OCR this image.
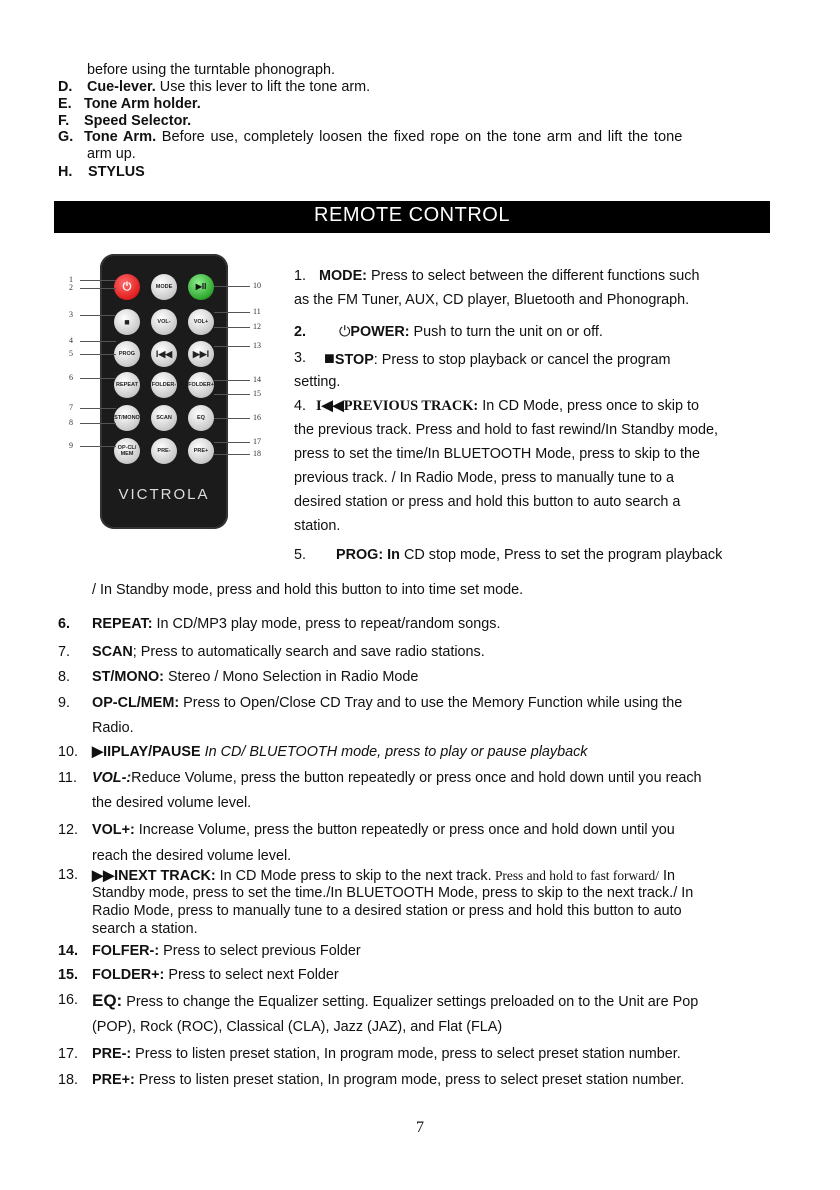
before using the turntable phonograph.
D. Cue-lever. Use this lever to lift the tone arm.
E. Tone Arm holder.
F. Speed Selector.
G. Tone Arm. Before use, completely loosen the fixed rope on the tone arm and lift the tone
arm up.
H. STYLUS
REMOTE CONTROL
⏻	MODE	▶II
■	VOL-	VOL+
PROG	I◀◀	▶▶I
REPEAT	FOLDER- FOLDER+
ST/MONO	SCAN	EQ
OP-CL/ MEM	PRE-	PRE+
VICTROLA
1
2
3
4
5
6
7
8
9
10
11
12
13
14
15
16
17
18
1. MODE: Press to select between the different functions such
as the FM Tuner, AUX, CD player, Bluetooth and Phonograph.
2. ⏻POWER: Push to turn the unit on or off.
3. ■STOP: Press to stop playback or cancel the program
setting.
4. I◀◀PREVIOUS TRACK: In CD Mode, press once to skip to
the previous track. Press and hold to fast rewind/In Standby mode,
press to set the time/In BLUETOOTH Mode, press to skip to the
previous track. / In Radio Mode, press to manually tune to a
desired station or press and hold this button to auto search a
station.
5. PROG: In CD stop mode, Press to set the program playback
/ In Standby mode, press and hold this button to into time set mode.
6. REPEAT: In CD/MP3 play mode, press to repeat/random songs.
7. SCAN; Press to automatically search and save radio stations.
8. ST/MONO: Stereo / Mono Selection in Radio Mode
9. OP-CL/MEM: Press to Open/Close CD Tray and to use the Memory Function while using the
Radio.
10. ▶IIPLAY/PAUSE In CD/ BLUETOOTH mode, press to play or pause playback
11. VOL-:Reduce Volume, press the button repeatedly or press once and hold down until you reach
the desired volume level.
12. VOL+: Increase Volume, press the button repeatedly or press once and hold down until you
reach the desired volume level.
13. ▶▶INEXT TRACK: In CD Mode press to skip to the next track. Press and hold to fast forward/ In
Standby mode, press to set the time./In BLUETOOTH Mode, press to skip to the next track./ In
Radio Mode, press to manually tune to a desired station or press and hold this button to auto
search a station.
14. FOLFER-: Press to select previous Folder
15. FOLDER+: Press to select next Folder
16. EQ: Press to change the Equalizer setting. Equalizer settings preloaded on to the Unit are Pop
(POP), Rock (ROC), Classical (CLA), Jazz (JAZ), and Flat (FLA)
17. PRE-: Press to listen preset station, In program mode, press to select preset station number.
18. PRE+: Press to listen preset station, In program mode, press to select preset station number.
7
